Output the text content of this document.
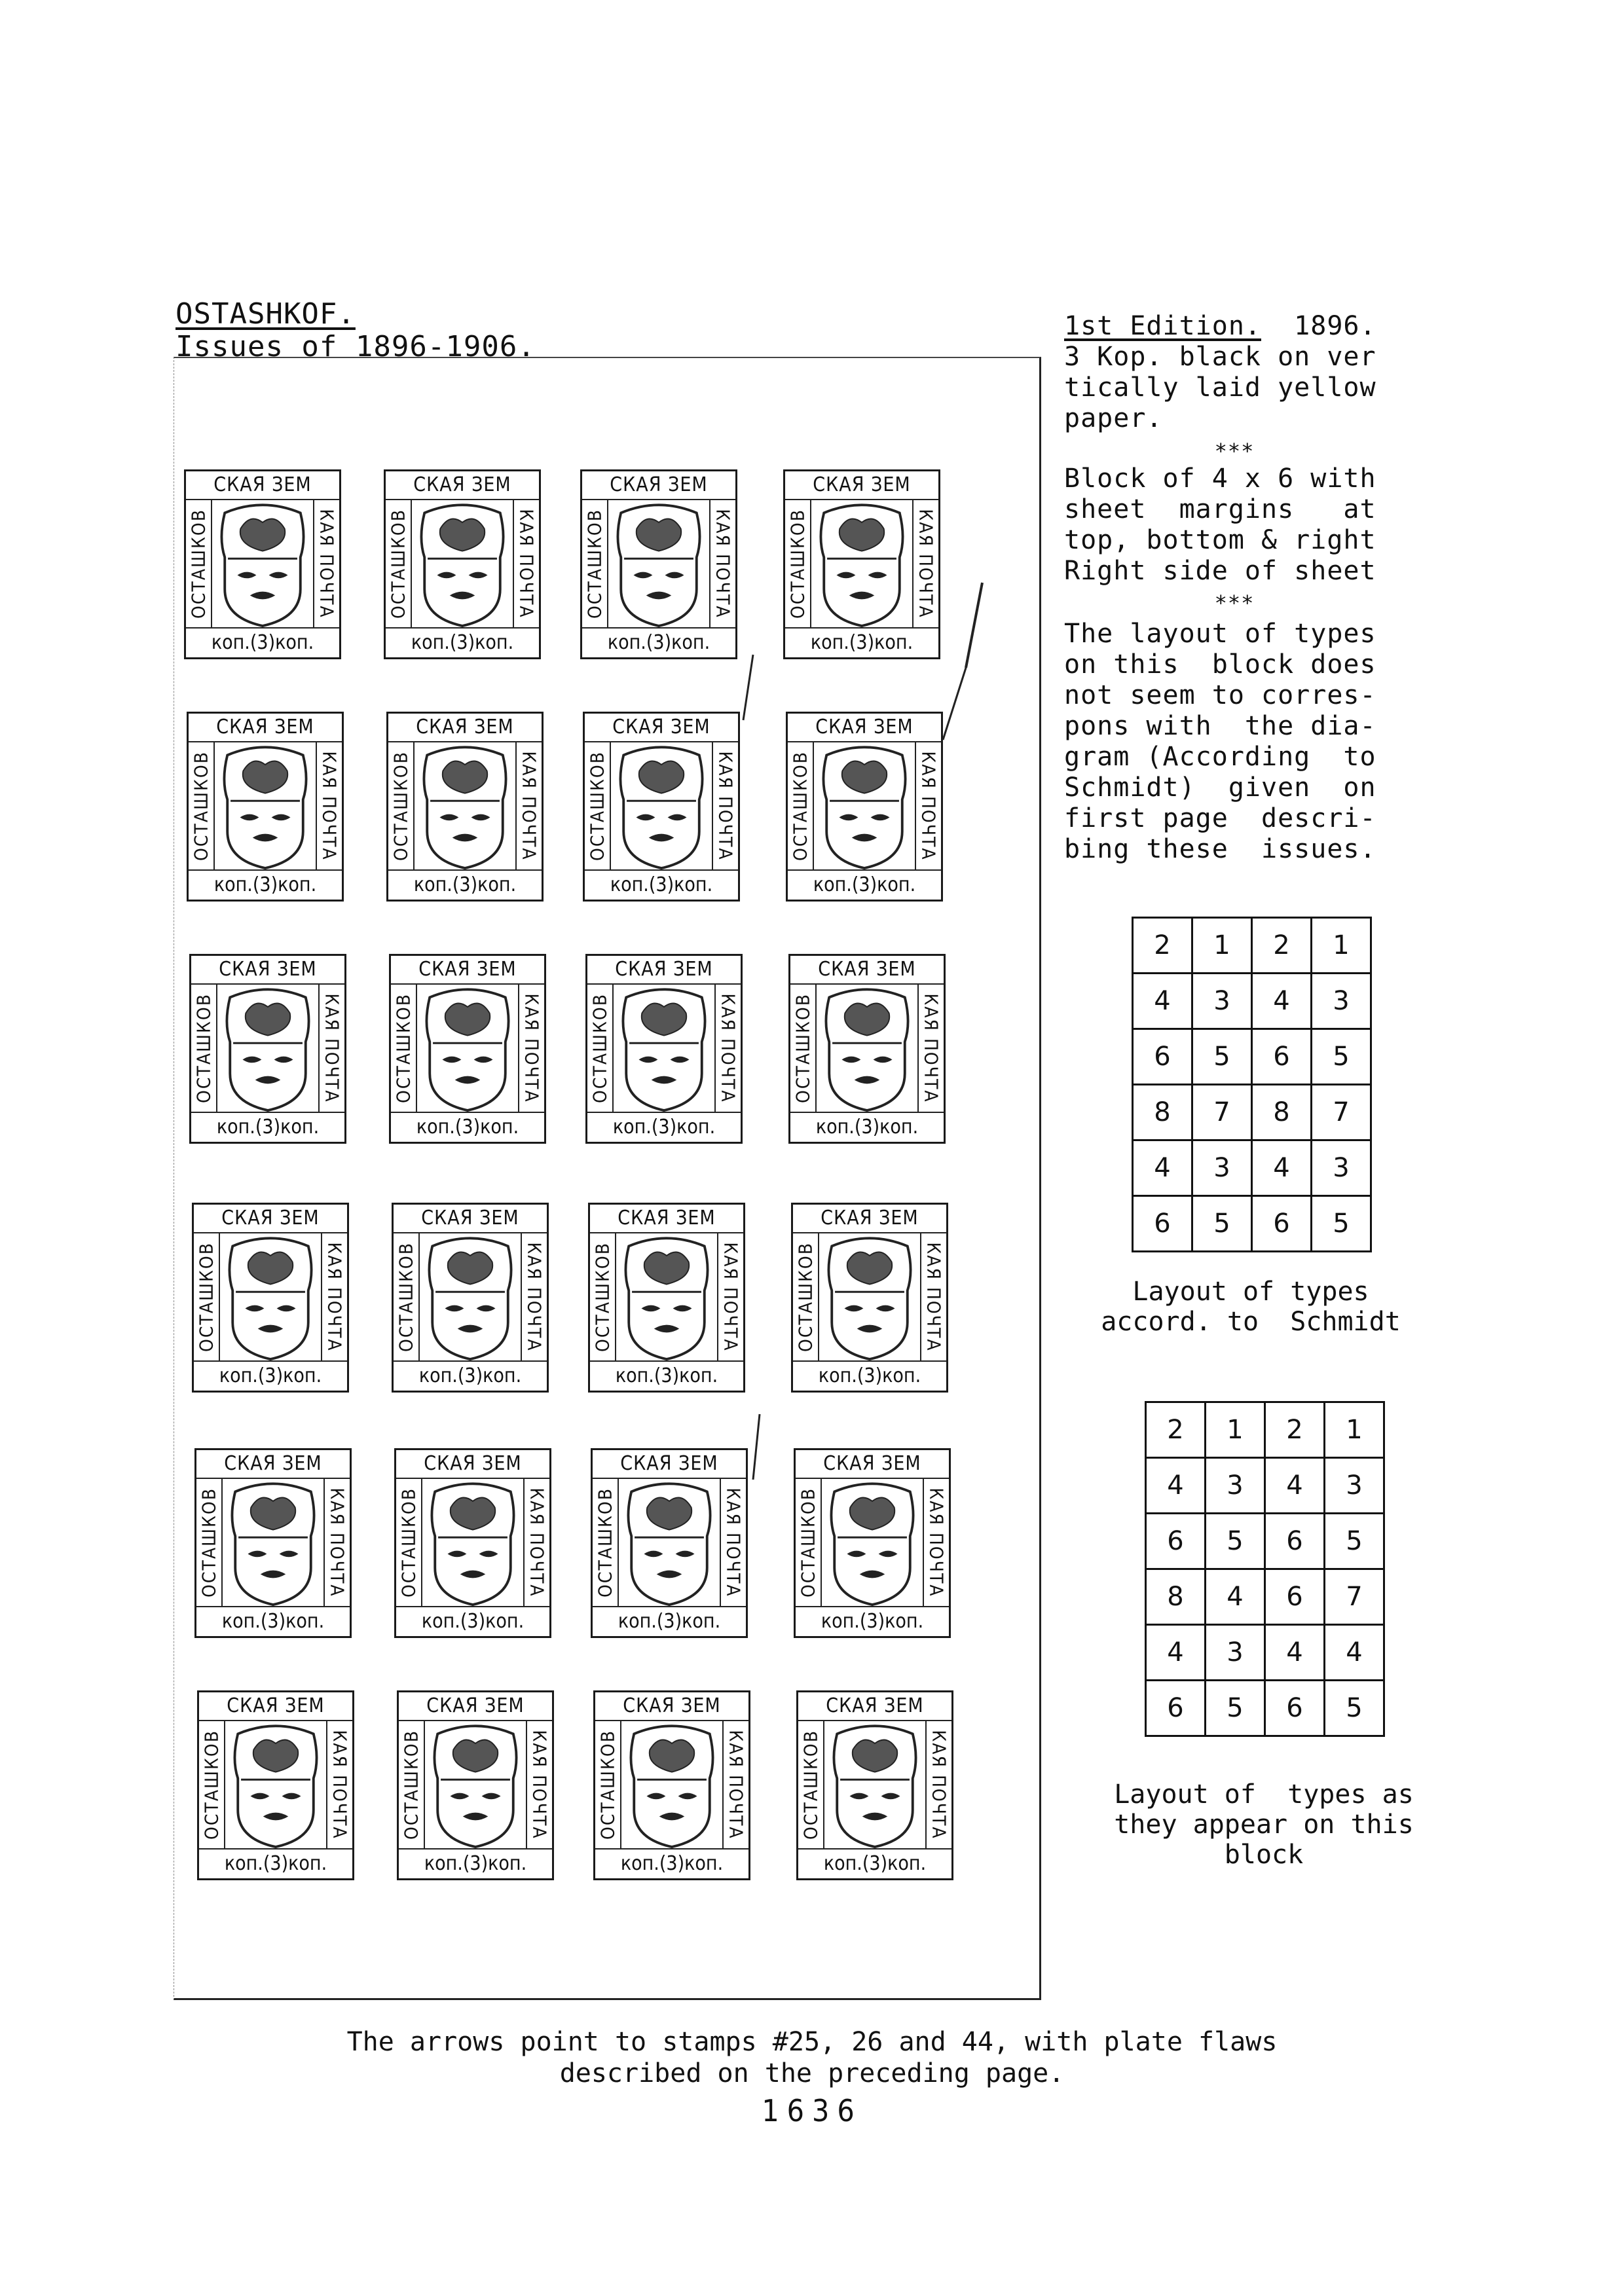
OSTASHKOF.
Issues of 1896-1906.
СКАЯ ЗЕМ
ОСТАШКОВ	КАЯ ПОЧТА
коп.(3)коп.
СКАЯ ЗЕМ
ОСТАШКОВ	КАЯ ПОЧТА
коп.(3)коп.
СКАЯ ЗЕМ
ОСТАШКОВ	КАЯ ПОЧТА
коп.(3)коп.
СКАЯ ЗЕМ
ОСТАШКОВ	КАЯ ПОЧТА
коп.(3)коп.
СКАЯ ЗЕМ
ОСТАШКОВ	КАЯ ПОЧТА
коп.(3)коп.
СКАЯ ЗЕМ
ОСТАШКОВ	КАЯ ПОЧТА
коп.(3)коп.
СКАЯ ЗЕМ
ОСТАШКОВ	КАЯ ПОЧТА
коп.(3)коп.
СКАЯ ЗЕМ
ОСТАШКОВ	КАЯ ПОЧТА
коп.(3)коп.
СКАЯ ЗЕМ
ОСТАШКОВ	КАЯ ПОЧТА
коп.(3)коп.
СКАЯ ЗЕМ
ОСТАШКОВ	КАЯ ПОЧТА
коп.(3)коп.
СКАЯ ЗЕМ
ОСТАШКОВ	КАЯ ПОЧТА
коп.(3)коп.
СКАЯ ЗЕМ
ОСТАШКОВ	КАЯ ПОЧТА
коп.(3)коп.
СКАЯ ЗЕМ
ОСТАШКОВ	КАЯ ПОЧТА
коп.(3)коп.
СКАЯ ЗЕМ
ОСТАШКОВ	КАЯ ПОЧТА
коп.(3)коп.
СКАЯ ЗЕМ
ОСТАШКОВ	КАЯ ПОЧТА
коп.(3)коп.
СКАЯ ЗЕМ
ОСТАШКОВ	КАЯ ПОЧТА
коп.(3)коп.
СКАЯ ЗЕМ
ОСТАШКОВ	КАЯ ПОЧТА
коп.(3)коп.
СКАЯ ЗЕМ
ОСТАШКОВ	КАЯ ПОЧТА
коп.(3)коп.
СКАЯ ЗЕМ
ОСТАШКОВ	КАЯ ПОЧТА
коп.(3)коп.
СКАЯ ЗЕМ
ОСТАШКОВ	КАЯ ПОЧТА
коп.(3)коп.
СКАЯ ЗЕМ
ОСТАШКОВ	КАЯ ПОЧТА
коп.(3)коп.
СКАЯ ЗЕМ
ОСТАШКОВ	КАЯ ПОЧТА
коп.(3)коп.
СКАЯ ЗЕМ
ОСТАШКОВ	КАЯ ПОЧТА
коп.(3)коп.
СКАЯ ЗЕМ
ОСТАШКОВ	КАЯ ПОЧТА
коп.(3)коп.
1st Edition. 1896.
3 Kop. black on ver
tically laid yellow
paper.
***
Block of 4 x 6 with
sheet  margins   at
top, bottom & right
Right side of sheet
***
The layout of types
on this  block does
not seem to corres-
pons with  the dia-
gram (According  to
Schmidt)  given  on
first page  descri-
bing these  issues.
2	1	2	1
4	3	4	3
6	5	6	5
8	7	8	7
4	3	4	3
6	5	6	5
Layout of types
accord. to  Schmidt
2	1	2	1
4	3	4	3
6	5	6	5
8	4	6	7
4	3	4	4
6	5	6	5
Layout of  types as
they appear on this
block
The arrows point to stamps #25, 26 and 44, with plate flaws
described on the preceding page.
1636
